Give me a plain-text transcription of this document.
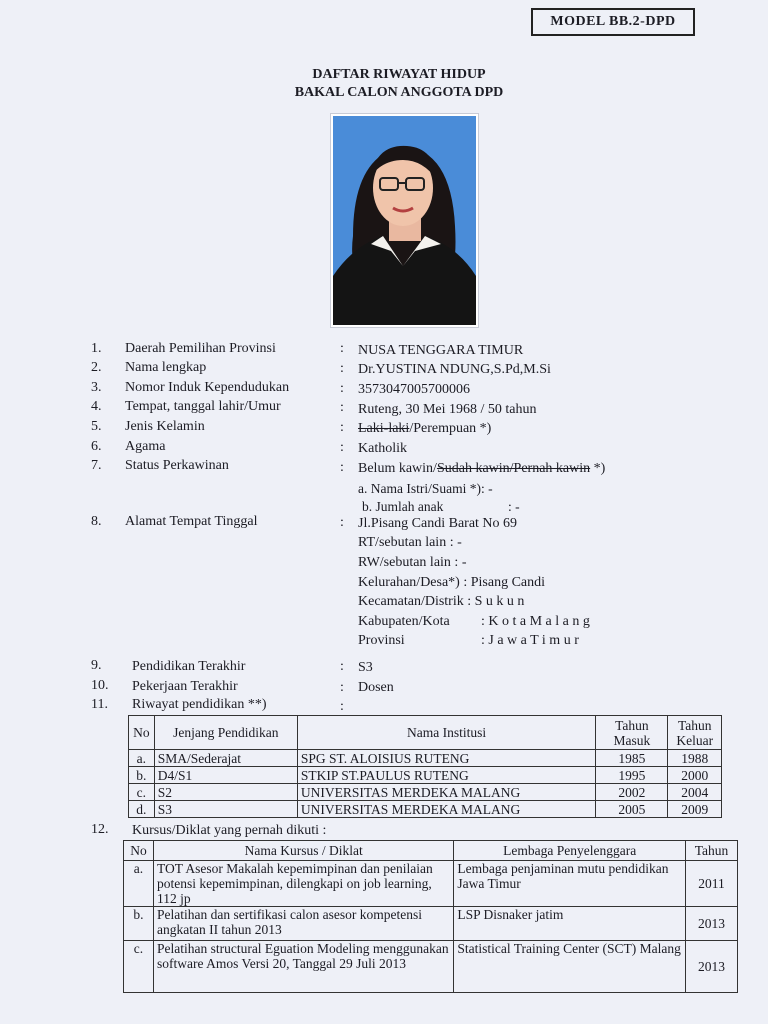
MODEL BB.2-DPD
DAFTAR RIWAYAT HIDUP
BAKAL CALON ANGGOTA DPD
1. Daerah Pemilihan Provinsi	: NUSA TENGGARA TIMUR
2. Nama lengkap	: Dr.YUSTINA NDUNG,S.Pd,M.Si
3. Nomor Induk Kependudukan	: 3573047005700006
4. Tempat, tanggal lahir/Umur	: Ruteng, 30 Mei 1968 / 50 tahun
5. Jenis Kelamin	: Laki-laki/Perempuan *)
6. Agama	: Katholik
7. Status Perkawinan	: Belum kawin/Sudah kawin/Pernah kawin *)
a. Nama Istri/Suami *): -
b. Jumlah anak	: -
8. Alamat Tempat Tinggal	: Jl.Pisang Candi Barat No 69
RT/sebutan lain : -
RW/sebutan lain : -
Kelurahan/Desa*) : Pisang Candi
Kecamatan/Distrik : S u k u n
Kabupaten/Kota : K o t a M a l a n g
Provinsi	: J a w a T i m u r
9. Pendidikan Terakhir	: S3
10. Pekerjaan Terakhir	: Dosen
11. Riwayat pendidikan **)	:
No	Jenjang Pendidikan	Nama Institusi	Tahun Masuk	Tahun Keluar
a.	SMA/Sederajat	SPG ST. ALOISIUS RUTENG	1985	1988
b.	D4/S1	STKIP ST.PAULUS RUTENG	1995	2000
c.	S2	UNIVERSITAS MERDEKA MALANG	2002	2004
d.	S3	UNIVERSITAS MERDEKA MALANG	2005	2009
12. Kursus/Diklat yang pernah dikuti :
No	Nama Kursus / Diklat	Lembaga Penyelenggara	Tahun
a.	TOT Asesor Makalah kepemimpinan dan penilaian potensi kepemimpinan, dilengkapi on job learning, 112 jp	Lembaga penjaminan mutu pendidikan Jawa Timur	2011
b.	Pelatihan dan sertifikasi calon asesor kompetensi angkatan II tahun 2013	LSP Disnaker jatim	2013
c.	Pelatihan structural Eguation Modeling menggunakan software Amos Versi 20, Tanggal 29 Juli 2013	Statistical Training Center (SCT) Malang	2013
